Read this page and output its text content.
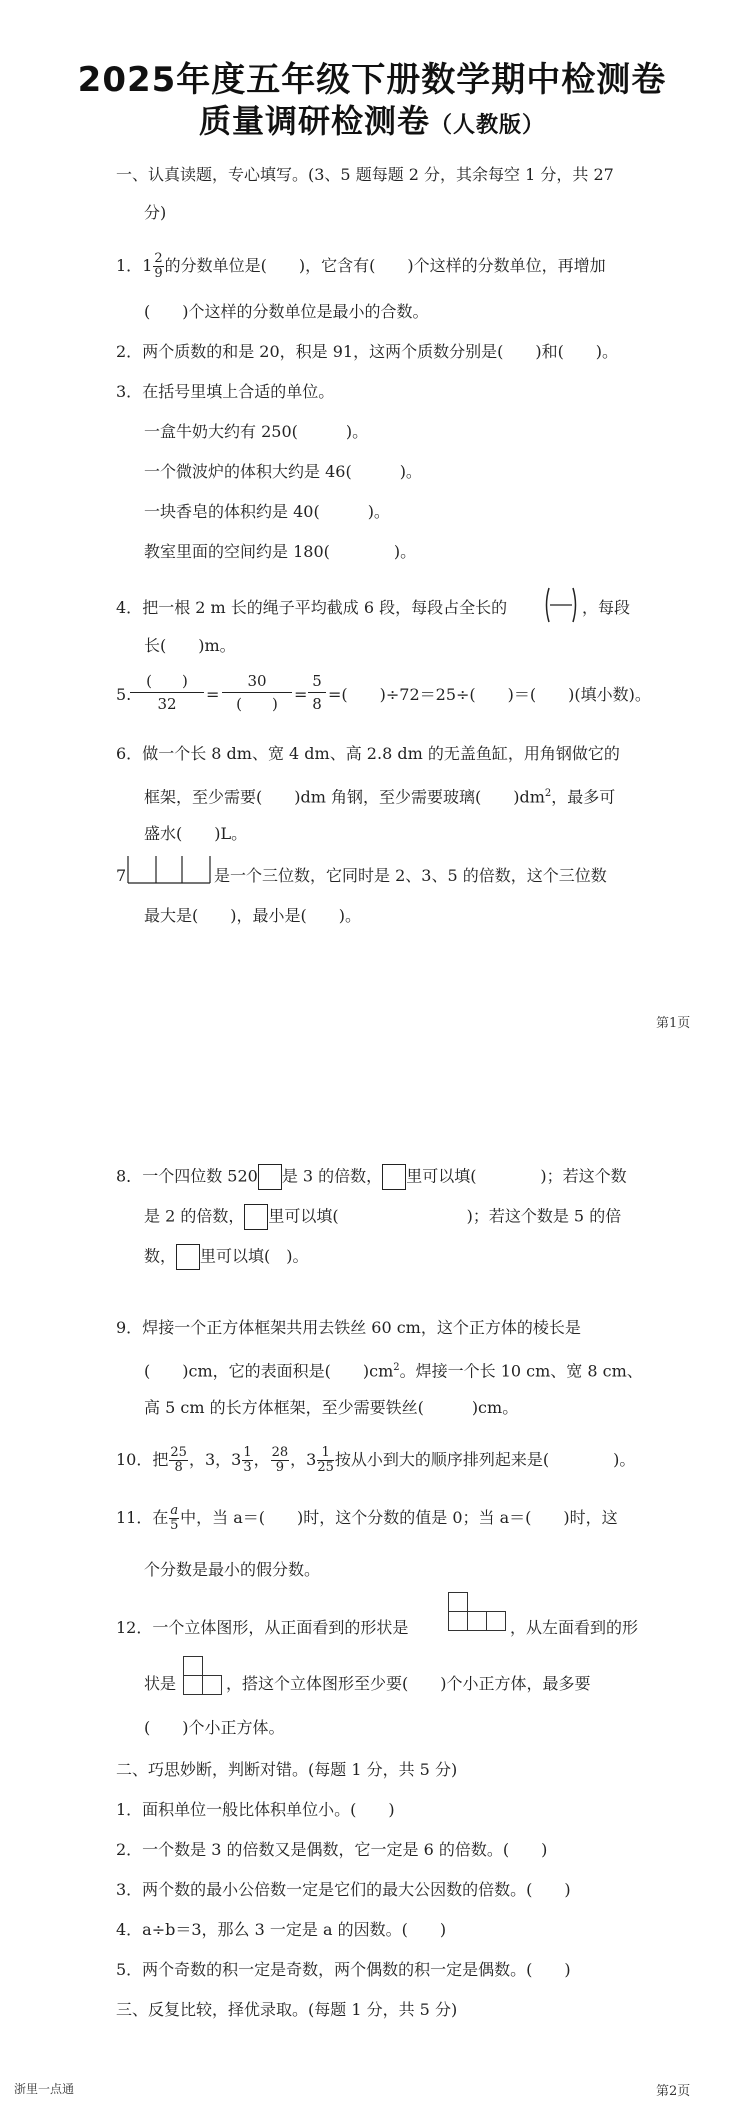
2025年度五年级下册数学期中检测卷
质量调研检测卷（人教版）
一、认真读题，专心填写。(3、5 题每题 2 分，其余每空 1 分，共 27
分)
1．$1 \frac{2}{9}$ 的分数单位是(　　)，它含有(　　)个这样的分数单位，再增加
(　　)个这样的分数单位是最小的合数。
2．两个质数的和是 20，积是 91，这两个质数分别是(　　)和(　　)。
3．在括号里填上合适的单位。
一盒牛奶大约有 250(　　　)。
一个微波炉的体积大约是 46(　　　)。
一块香皂的体积约是 40(　　　)。
教室里面的空间约是 180(　　　　)。
4．把一根 2 m 长的绳子平均截成 6 段，每段占全长的	，每段
长(　　)m。
5.
(　　)
32	=
30
(　　)	= $\frac{5}{8}$ =(　　)÷72＝25÷(　　)＝(　　)(填小数)。
6．做一个长 8 dm、宽 4 dm、高 2.8 dm 的无盖鱼缸，用角钢做它的
框架，至少需要(　　)dm 角钢，至少需要玻璃(　　)$dm^2$，最多可
盛水(　　)L。
7	是一个三位数，它同时是 2、3、5 的倍数，这个三位数
最大是(　　)，最小是(　　)。
第1页
8．一个四位数 520 是 3 的倍数， 里可以填(　　　　)；若这个数
是 2 的倍数， 里可以填(　　　　　　　　)；若这个数是 5 的倍
数， 里可以填(　)。
9．焊接一个正方体框架共用去铁丝 60 cm，这个正方体的棱长是
(　　)cm，它的表面积是(　　)$cm^2$。焊接一个长 10 cm、宽 8 cm、
高 5 cm 的长方体框架，至少需要铁丝(　　　)cm。
10．把 $\frac{25}{8}$ ，3，$3 \frac{1}{3}$ ， $\frac{28}{9}$ ，$3 \frac{1}{25}$ 按从小到大的顺序排列起来是(　　　　)。
11．在 $\frac{a}{5}$ 中，当 a＝(　　)时，这个分数的值是 0；当 a＝(　　)时，这
个分数是最小的假分数。
12．一个立体图形，从正面看到的形状是	，从左面看到的形
状是	，搭这个立体图形至少要(　　)个小正方体，最多要
(　　)个小正方体。
二、巧思妙断，判断对错。(每题 1 分，共 5 分)
1．面积单位一般比体积单位小。(　　)
2．一个数是 3 的倍数又是偶数，它一定是 6 的倍数。(　　)
3．两个数的最小公倍数一定是它们的最大公因数的倍数。(　　)
4．a÷b＝3，那么 3 一定是 a 的因数。(　　)
5．两个奇数的积一定是奇数，两个偶数的积一定是偶数。(　　)
三、反复比较，择优录取。(每题 1 分，共 5 分)
浙里一点通	第2页
